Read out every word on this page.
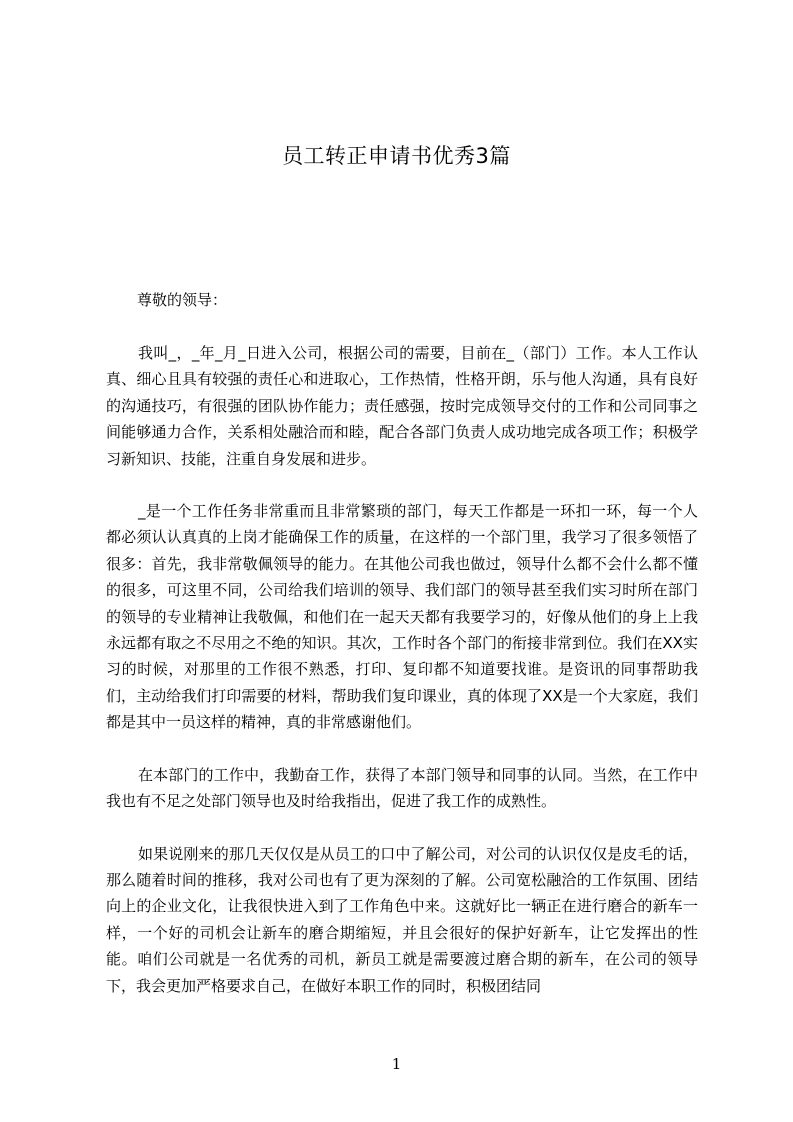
员工转正申请书优秀3篇

尊敬的领导：

我叫_，_年_月_日进入公司，根据公司的需要，目前在_（部门）工作。本人工作认真、细心且具有较强的责任心和进取心，工作热情，性格开朗，乐与他人沟通，具有良好的沟通技巧，有很强的团队协作能力；责任感强，按时完成领导交付的工作和公司同事之间能够通力合作，关系相处融洽而和睦，配合各部门负责人成功地完成各项工作；积极学习新知识、技能，注重自身发展和进步。

_是一个工作任务非常重而且非常繁琐的部门，每天工作都是一环扣一环，每一个人都必须认认真真的上岗才能确保工作的质量，在这样的一个部门里，我学习了很多领悟了很多：首先，我非常敬佩领导的能力。在其他公司我也做过，领导什么都不会什么都不懂的很多，可这里不同，公司给我们培训的领导、我们部门的领导甚至我们实习时所在部门的领导的专业精神让我敬佩，和他们在一起天天都有我要学习的，好像从他们的身上上我永远都有取之不尽用之不绝的知识。其次，工作时各个部门的衔接非常到位。我们在XX实习的时候，对那里的工作很不熟悉，打印、复印都不知道要找谁。是资讯的同事帮助我们，主动给我们打印需要的材料，帮助我们复印课业，真的体现了XX是一个大家庭，我们都是其中一员这样的精神，真的非常感谢他们。

在本部门的工作中，我勤奋工作，获得了本部门领导和同事的认同。当然，在工作中我也有不足之处部门领导也及时给我指出，促进了我工作的成熟性。

如果说刚来的那几天仅仅是从员工的口中了解公司，对公司的认识仅仅是皮毛的话，那么随着时间的推移，我对公司也有了更为深刻的了解。公司宽松融洽的工作氛围、团结向上的企业文化，让我很快进入到了工作角色中来。这就好比一辆正在进行磨合的新车一样，一个好的司机会让新车的磨合期缩短，并且会很好的保护好新车，让它发挥出的性能。咱们公司就是一名优秀的司机，新员工就是需要渡过磨合期的新车，在公司的领导下，我会更加严格要求自己，在做好本职工作的同时，积极团结同

1
